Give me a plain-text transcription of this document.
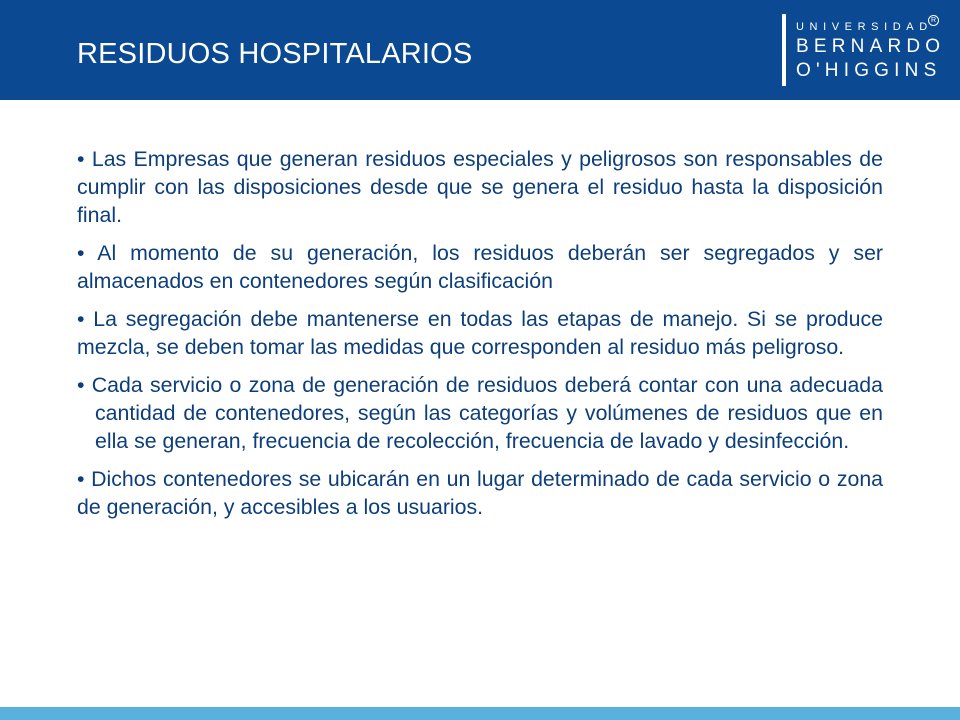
RESIDUOS HOSPITALARIOS
UNIVERSIDAD
BERNARDO
O'HIGGINS
R

• Las Empresas que generan residuos especiales y peligrosos son responsables de cumplir con las disposiciones desde que se genera el residuo hasta la disposición final.

• Al momento de su generación, los residuos deberán ser segregados y ser almacenados en contenedores según clasificación

• La segregación debe mantenerse en todas las etapas de manejo. Si se produce mezcla, se deben tomar las medidas que corresponden al residuo más peligroso.

• Cada servicio o zona de generación de residuos deberá contar con una adecuada cantidad de contenedores, según las categorías y volúmenes de residuos que en ella se generan, frecuencia de recolección, frecuencia de lavado y desinfección.

• Dichos contenedores se ubicarán en un lugar determinado de cada servicio o zona de generación, y accesibles a los usuarios.
